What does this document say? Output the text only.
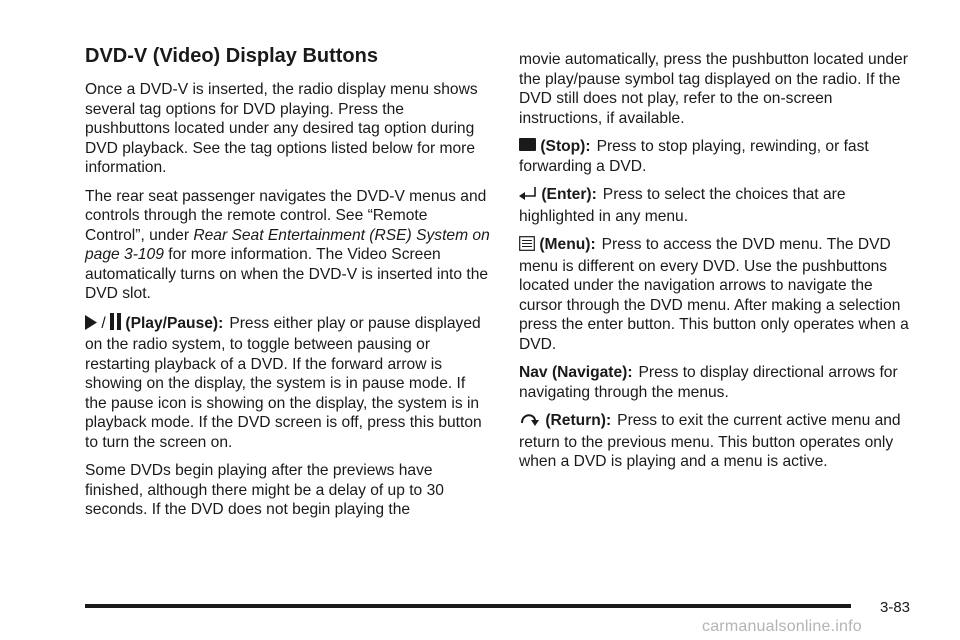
DVD-V (Video) Display Buttons

Once a DVD-V is inserted, the radio display menu shows several tag options for DVD playing. Press the pushbuttons located under any desired tag option during DVD playback. See the tag options listed below for more information.

The rear seat passenger navigates the DVD-V menus and controls through the remote control. See “Remote Control”, under Rear Seat Entertainment (RSE) System on page 3-109 for more information. The Video Screen automatically turns on when the DVD-V is inserted into the DVD slot.

/ (Play/Pause): Press either play or pause displayed on the radio system, to toggle between pausing or restarting playback of a DVD. If the forward arrow is showing on the display, the system is in pause mode. If the pause icon is showing on the display, the system is in playback mode. If the DVD screen is off, press this button to turn the screen on.

Some DVDs begin playing after the previews have finished, although there might be a delay of up to 30 seconds. If the DVD does not begin playing the

movie automatically, press the pushbutton located under the play/pause symbol tag displayed on the radio. If the DVD still does not play, refer to the on-screen instructions, if available.

(Stop): Press to stop playing, rewinding, or fast forwarding a DVD.

(Enter): Press to select the choices that are highlighted in any menu.

(Menu): Press to access the DVD menu. The DVD menu is different on every DVD. Use the pushbuttons located under the navigation arrows to navigate the cursor through the DVD menu. After making a selection press the enter button. This button only operates when a DVD.

Nav (Navigate): Press to display directional arrows for navigating through the menus.

(Return): Press to exit the current active menu and return to the previous menu. This button operates only when a DVD is playing and a menu is active.

3-83
carmanualsonline.info
